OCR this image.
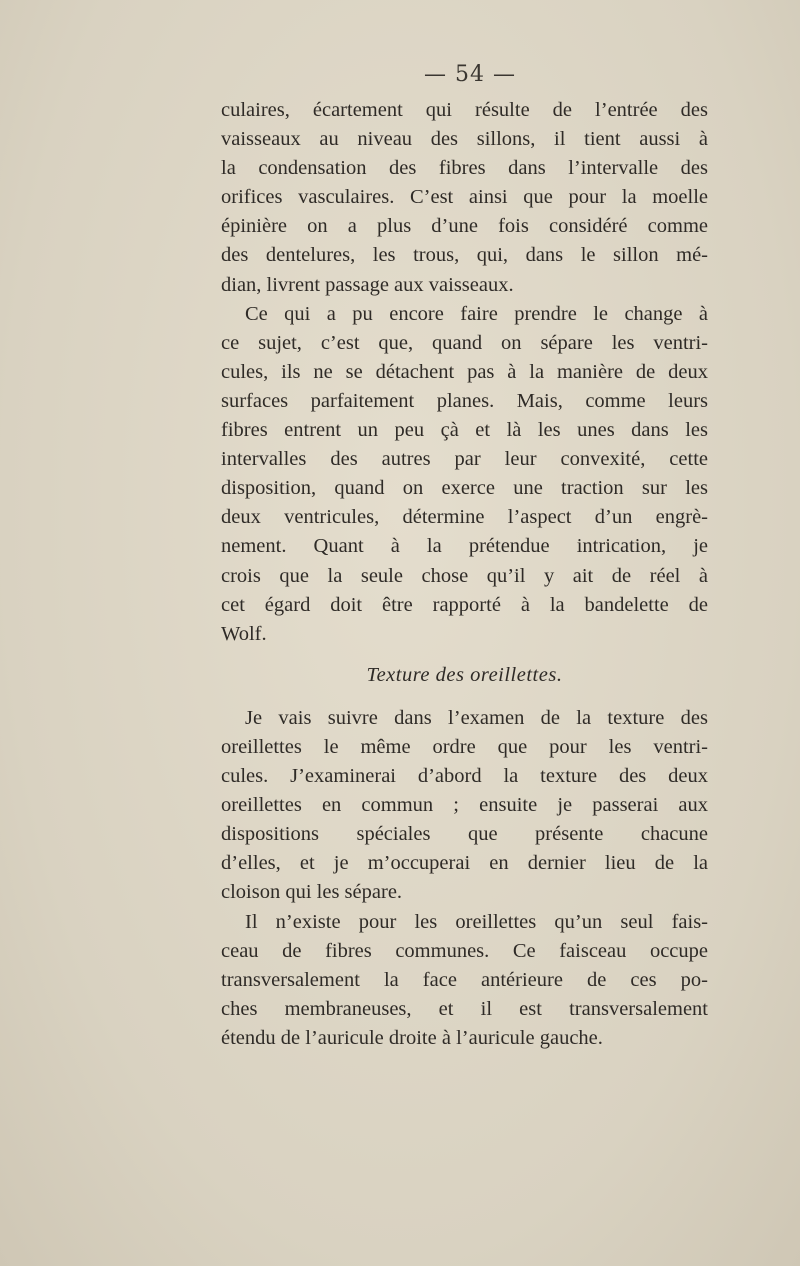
— 54 —
culaires, écartement qui résulte de l’entrée des
vaisseaux au niveau des sillons, il tient aussi à
la condensation des fibres dans l’intervalle des
orifices vasculaires. C’est ainsi que pour la moelle
épinière on a plus d’une fois considéré comme
des dentelures, les trous, qui, dans le sillon mé-
dian, livrent passage aux vaisseaux.
Ce qui a pu encore faire prendre le change à
ce sujet, c’est que, quand on sépare les ventri-
cules, ils ne se détachent pas à la manière de deux
surfaces parfaitement planes. Mais, comme leurs
fibres entrent un peu çà et là les unes dans les
intervalles des autres par leur convexité, cette
disposition, quand on exerce une traction sur les
deux ventricules, détermine l’aspect d’un engrè-
nement. Quant à la prétendue intrication, je
crois que la seule chose qu’il y ait de réel à
cet égard doit être rapporté à la bandelette de
Wolf.
Texture des oreillettes.
Je vais suivre dans l’examen de la texture des
oreillettes le même ordre que pour les ventri-
cules. J’examinerai d’abord la texture des deux
oreillettes en commun ; ensuite je passerai aux
dispositions spéciales que présente chacune
d’elles, et je m’occuperai en dernier lieu de la
cloison qui les sépare.
Il n’existe pour les oreillettes qu’un seul fais-
ceau de fibres communes. Ce faisceau occupe
transversalement la face antérieure de ces po-
ches membraneuses, et il est transversalement
étendu de l’auricule droite à l’auricule gauche.
